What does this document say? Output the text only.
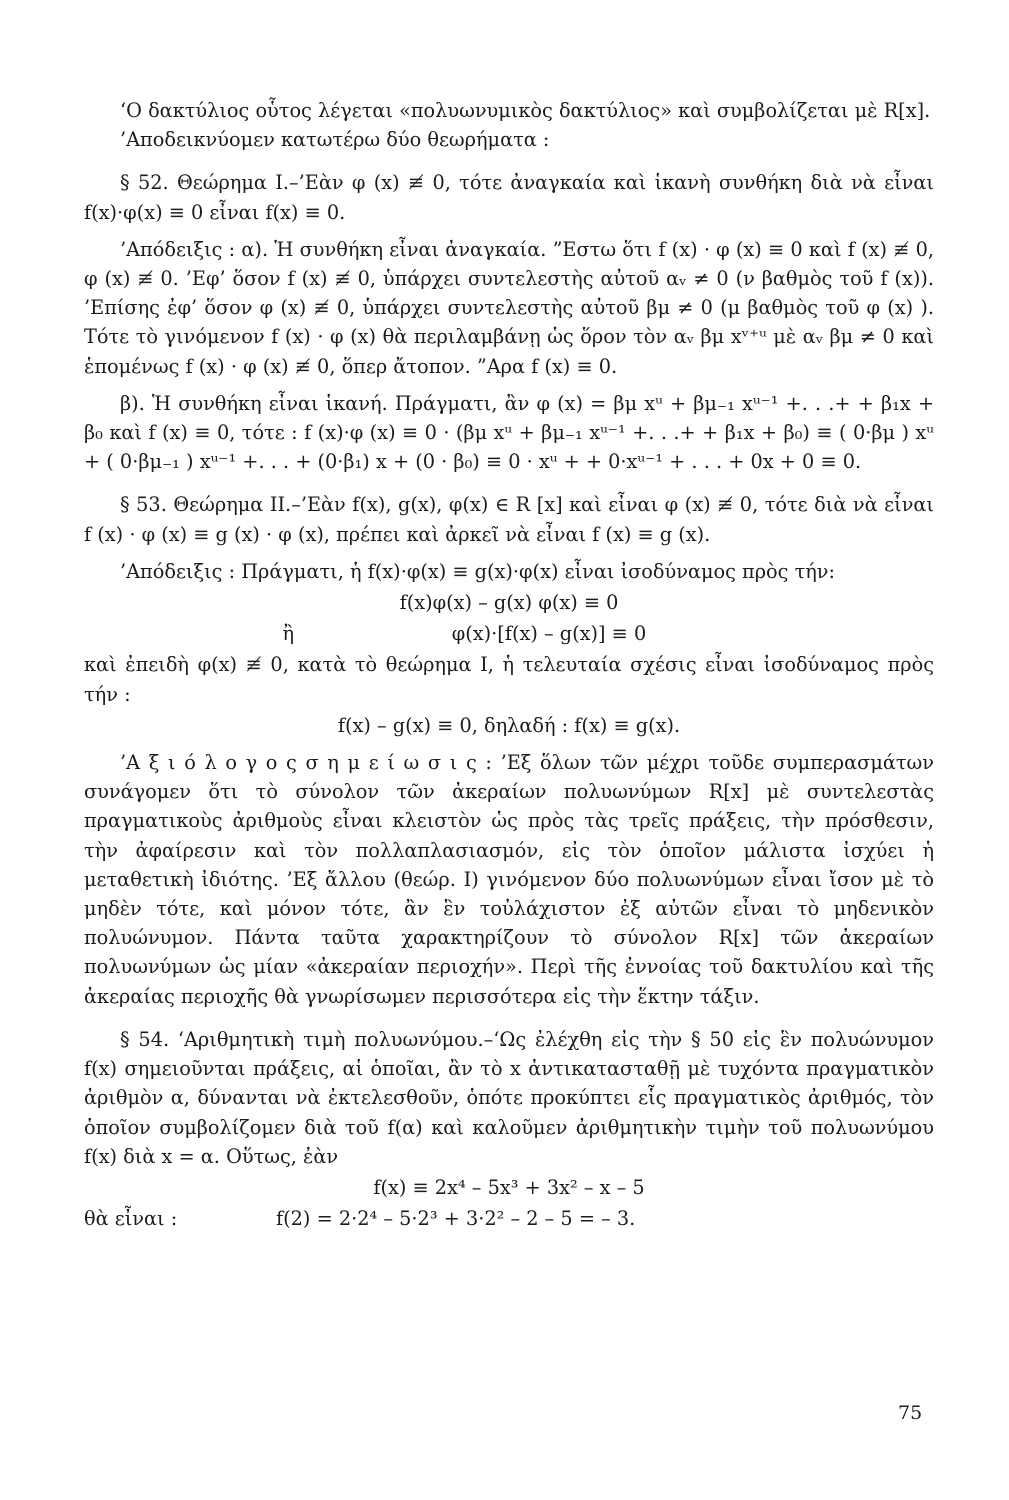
‘Ο δακτύλιος οὗτος λέγεται «πολυωνυμικὸς δακτύλιος» καὶ συμβολίζεται μὲ R[x].

’Αποδεικνύομεν κατωτέρω δύο θεωρήματα :

§ 52. Θεώρημα Ι.–’Εὰν φ (x) ≢ 0, τότε ἀναγκαία καὶ ἱκανὴ συνθήκη διὰ νὰ εἶναι f(x)·φ(x) ≡ 0 εἶναι f(x) ≡ 0.

’Απόδειξις : α). Ἡ συνθήκη εἶναι ἀναγκαία. ”Εστω ὅτι f (x) · φ (x) ≡ 0 καὶ f (x) ≢ 0, φ (x) ≢ 0. ’Εφ’ ὅσον f (x) ≢ 0, ὑπάρχει συντελεστὴς αὐτοῦ αᵥ ≠ 0 (ν βαθμὸς τοῦ f (x)). ’Επίσης ἐφ’ ὅσον φ (x) ≢ 0, ὑπάρχει συντελεστὴς αὐτοῦ βμ ≠ 0 (μ βαθμὸς τοῦ φ (x) ). Τότε τὸ γινόμενον f (x) · φ (x) θὰ περιλαμβάνῃ ὡς ὅρον τὸν αᵥ βμ xᵛ⁺ᵘ μὲ αᵥ βμ ≠ 0 καὶ ἑπομένως f (x) · φ (x) ≢ 0, ὅπερ ἄτοπον. ”Αρα f (x) ≡ 0.

β). Ἡ συνθήκη εἶναι ἱκανή. Πράγματι, ἂν φ (x) = βμ xᵘ + βμ₋₁ xᵘ⁻¹ +. . .+ + β₁x + β₀ καὶ f (x) ≡ 0, τότε : f (x)·φ (x) ≡ 0 · (βμ xᵘ + βμ₋₁ xᵘ⁻¹ +. . .+ + β₁x + β₀) ≡ ( 0·βμ ) xᵘ + ( 0·βμ₋₁ ) xᵘ⁻¹ +. . . + (0·β₁) x + (0 · β₀) ≡ 0 · xᵘ + + 0·xᵘ⁻¹ + . . . + 0x + 0 ≡ 0.

§ 53. Θεώρημα ΙΙ.–’Εὰν f(x), g(x), φ(x) ∈ R [x] καὶ εἶναι φ (x) ≢ 0, τότε διὰ νὰ εἶναι f (x) · φ (x) ≡ g (x) · φ (x), πρέπει καὶ ἀρκεῖ νὰ εἶναι f (x) ≡ g (x).

’Απόδειξις : Πράγματι, ἡ f(x)·φ(x) ≡ g(x)·φ(x) εἶναι ἰσοδύναμος πρὸς τήν:

f(x)φ(x) – g(x) φ(x) ≡ 0

ἢ	φ(x)·[f(x) – g(x)] ≡ 0

καὶ ἐπειδὴ φ(x) ≢ 0, κατὰ τὸ θεώρημα Ι, ἡ τελευταία σχέσις εἶναι ἰσοδύναμος πρὸς τήν :

f(x) – g(x) ≡ 0, δηλαδή : f(x) ≡ g(x).

’Α ξ ι ό λ ο γ ο ς σ η μ ε ί ω σ ι ς : ’Εξ ὅλων τῶν μέχρι τοῦδε συμπερασμάτων συνάγομεν ὅτι τὸ σύνολον τῶν ἀκεραίων πολυωνύμων R[x] μὲ συντελεστὰς πραγματικοὺς ἀριθμοὺς εἶναι κλειστὸν ὡς πρὸς τὰς τρεῖς πράξεις, τὴν πρόσθεσιν, τὴν ἀφαίρεσιν καὶ τὸν πολλαπλασιασμόν, εἰς τὸν ὁποῖον μάλιστα ἰσχύει ἡ μεταθετικὴ ἰδιότης. ’Εξ ἄλλου (θεώρ. Ι) γινόμενον δύο πολυωνύμων εἶναι ἴσον μὲ τὸ μηδὲν τότε, καὶ μόνον τότε, ἂν ἓν τοὐλάχιστον ἐξ αὐτῶν εἶναι τὸ μηδενικὸν πολυώνυμον. Πάντα ταῦτα χαρακτηρίζουν τὸ σύνολον R[x] τῶν ἀκεραίων πολυωνύμων ὡς μίαν «ἀκεραίαν περιοχήν». Περὶ τῆς ἐννοίας τοῦ δακτυλίου καὶ τῆς ἀκεραίας περιοχῆς θὰ γνωρίσωμεν περισσότερα εἰς τὴν ἕκτην τάξιν.

§ 54. ‘Αριθμητικὴ τιμὴ πολυωνύμου.–‘Ως ἐλέχθη εἰς τὴν § 50 εἰς ἓν πολυώνυμον f(x) σημειοῦνται πράξεις, αἱ ὁποῖαι, ἂν τὸ x ἀντικατασταθῇ μὲ τυχόντα πραγματικὸν ἀριθμὸν α, δύνανται νὰ ἐκτελεσθοῦν, ὁπότε προκύπτει εἷς πραγματικὸς ἀριθμός, τὸν ὁποῖον συμβολίζομεν διὰ τοῦ f(α) καὶ καλοῦμεν ἀριθμητικὴν τιμὴν τοῦ πολυωνύμου f(x) διὰ x = α. Οὕτως, ἐὰν

f(x) ≡ 2x⁴ – 5x³ + 3x² – x – 5

θὰ εἶναι :	f(2) = 2·2⁴ – 5·2³ + 3·2² – 2 – 5 = – 3.
75
